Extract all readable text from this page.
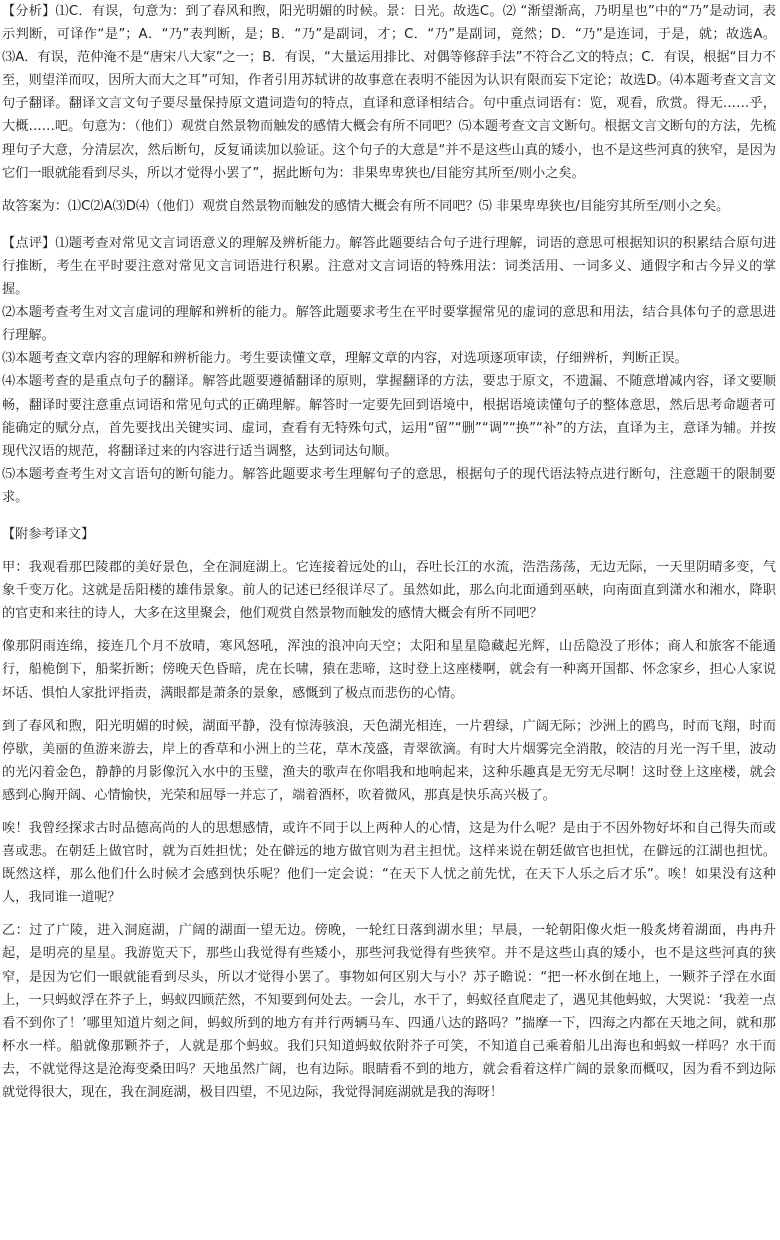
【分析】⑴C．有误，句意为：到了春风和煦，阳光明媚的时候。景：日光。故选C。⑵ “渐望渐高，乃明星也”中的“乃”是动词，表示判断，可译作“是”；A．“乃”表判断，是；B．“乃”是副词，才；C．“乃”是副词，竟然；D．“乃”是连词，于是，就；故选A。⑶A．有误，范仲淹不是“唐宋八大家”之一；B．有误，“大量运用排比、对偶等修辞手法”不符合乙文的特点；C．有误，根据“目力不至，则望洋而叹，因所大而大之耳”可知，作者引用苏轼讲的故事意在表明不能因为认识有限而妄下定论；故选D。⑷本题考查文言文句子翻译。翻译文言文句子要尽量保持原文遣词造句的特点，直译和意译相结合。句中重点词语有：览，观看，欣赏。得无……乎，大概……吧。句意为：（他们）观赏自然景物而触发的感情大概会有所不同吧？⑸本题考查文言文断句。根据文言文断句的方法，先梳理句子大意，分清层次，然后断句，反复诵读加以验证。这个句子的大意是“并不是这些山真的矮小，也不是这些河真的狭窄，是因为它们一眼就能看到尽头，所以才觉得小罢了”，据此断句为：非果卑卑狭也/目能穷其所至/则小之矣。

故答案为：⑴C⑵A⑶D⑷（他们）观赏自然景物而触发的感情大概会有所不同吧？⑸ 非果卑卑狭也/目能穷其所至/则小之矣。

【点评】⑴题考查对常见文言词语意义的理解及辨析能力。解答此题要结合句子进行理解，词语的意思可根据知识的积累结合原句进行推断，考生在平时要注意对常见文言词语进行积累。注意对文言词语的特殊用法：词类活用、一词多义、通假字和古今异义的掌握。

⑵本题考查考生对文言虚词的理解和辨析的能力。解答此题要求考生在平时要掌握常见的虚词的意思和用法，结合具体句子的意思进行理解。

⑶本题考查文章内容的理解和辨析能力。考生要读懂文章，理解文章的内容，对选项逐项审读，仔细辨析，判断正误。

⑷本题考查的是重点句子的翻译。解答此题要遵循翻译的原则，掌握翻译的方法，要忠于原文，不遗漏、不随意增减内容，译文要顺畅，翻译时要注意重点词语和常见句式的正确理解。解答时一定要先回到语境中，根据语境读懂句子的整体意思，然后思考命题者可能确定的赋分点，首先要找出关键实词、虚词，查看有无特殊句式，运用“留”“删”“调”“换”“补”的方法，直译为主，意译为辅。并按现代汉语的规范，将翻译过来的内容进行适当调整，达到词达句顺。

⑸本题考查考生对文言语句的断句能力。解答此题要求考生理解句子的意思，根据句子的现代语法特点进行断句，注意题干的限制要求。

【附参考译文】

甲：我观看那巴陵郡的美好景色，全在洞庭湖上。它连接着远处的山，吞吐长江的水流，浩浩荡荡，无边无际，一天里阴晴多变，气象千变万化。这就是岳阳楼的雄伟景象。前人的记述已经很详尽了。虽然如此，那么向北面通到巫峡，向南面直到潇水和湘水，降职的官吏和来往的诗人，大多在这里聚会，他们观赏自然景物而触发的感情大概会有所不同吧？

像那阴雨连绵，接连几个月不放晴，寒风怒吼，浑浊的浪冲向天空；太阳和星星隐藏起光辉，山岳隐没了形体；商人和旅客不能通行，船桅倒下，船桨折断；傍晚天色昏暗，虎在长啸，猿在悲啼，这时登上这座楼啊，就会有一种离开国都、怀念家乡，担心人家说坏话、惧怕人家批评指责，满眼都是萧条的景象，感慨到了极点而悲伤的心情。

到了春风和煦，阳光明媚的时候，湖面平静，没有惊涛骇浪，天色湖光相连，一片碧绿，广阔无际；沙洲上的鸥鸟，时而飞翔，时而停歇，美丽的鱼游来游去，岸上的香草和小洲上的兰花，草木茂盛，青翠欲滴。有时大片烟雾完全消散，皎洁的月光一泻千里，波动的光闪着金色，静静的月影像沉入水中的玉璧，渔夫的歌声在你唱我和地响起来，这种乐趣真是无穷无尽啊！这时登上这座楼，就会感到心胸开阔、心情愉快，光荣和屈辱一并忘了，端着酒杯，吹着微风，那真是快乐高兴极了。

唉！我曾经探求古时品德高尚的人的思想感情，或许不同于以上两种人的心情，这是为什么呢？是由于不因外物好坏和自己得失而或喜或悲。在朝廷上做官时，就为百姓担忧；处在僻远的地方做官则为君主担忧。这样来说在朝廷做官也担忧，在僻远的江湖也担忧。既然这样，那么他们什么时候才会感到快乐呢？他们一定会说：“在天下人忧之前先忧，在天下人乐之后才乐”。唉！如果没有这种人，我同谁一道呢？

乙：过了广陵，进入洞庭湖，广阔的湖面一望无边。傍晚，一轮红日落到湖水里；早晨，一轮朝阳像火炬一般炙烤着湖面，冉冉升起，是明亮的星星。我游览天下，那些山我觉得有些矮小，那些河我觉得有些狭窄。并不是这些山真的矮小，也不是这些河真的狭窄，是因为它们一眼就能看到尽头，所以才觉得小罢了。事物如何区别大与小？苏子瞻说：“把一杯水倒在地上，一颗芥子浮在水面上，一只蚂蚁浮在芥子上，蚂蚁四顾茫然，不知要到何处去。一会儿，水干了，蚂蚁径直爬走了，遇见其他蚂蚁，大哭说：‘我差一点看不到你了！’哪里知道片刻之间，蚂蚁所到的地方有并行两辆马车、四通八达的路吗？”揣摩一下，四海之内都在天地之间，就和那杯水一样。船就像那颗芥子，人就是那个蚂蚁。我们只知道蚂蚁依附芥子可笑，不知道自己乘着船儿出海也和蚂蚁一样吗？水干而去，不就觉得这是沧海变桑田吗？天地虽然广阔，也有边际。眼睛看不到的地方，就会看着这样广阔的景象而概叹，因为看不到边际就觉得很大，现在，我在洞庭湖，极目四望，不见边际，我觉得洞庭湖就是我的海呀！
